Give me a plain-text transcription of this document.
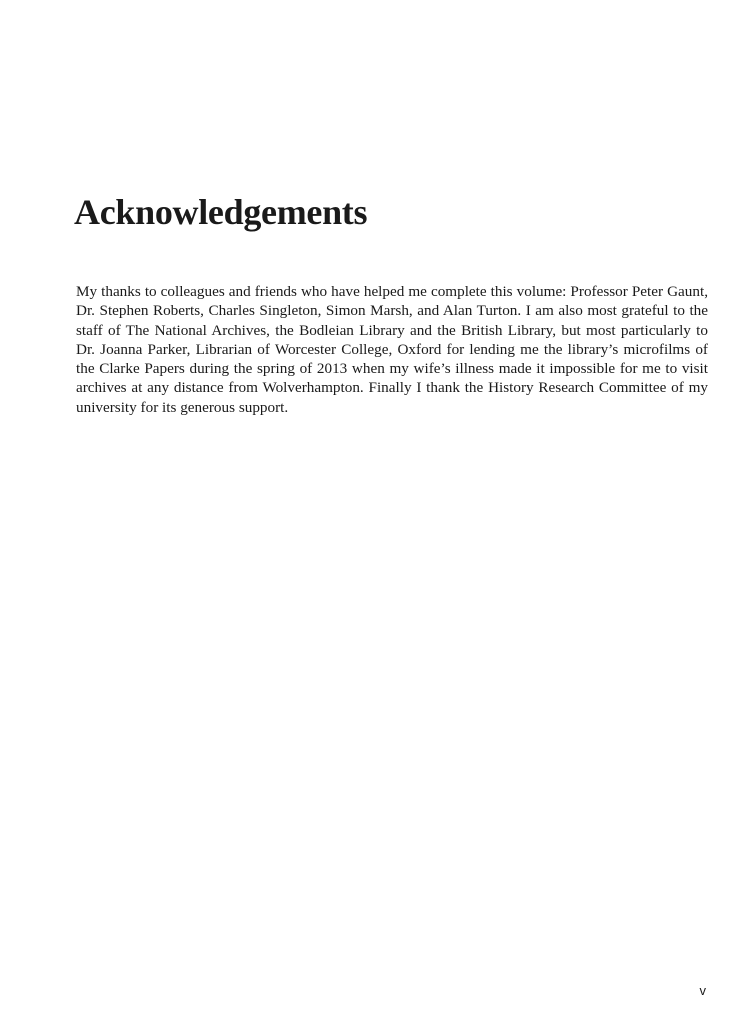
Acknowledgements

My thanks to colleagues and friends who have helped me complete this volume: Professor Peter Gaunt, Dr. Stephen Roberts, Charles Singleton, Simon Marsh, and Alan Turton. I am also most grateful to the staff of The National Archives, the Bodleian Library and the British Library, but most particularly to Dr. Joanna Parker, Librarian of Worcester College, Oxford for lending me the library’s microfilms of the Clarke Papers during the spring of 2013 when my wife’s illness made it impossible for me to visit archives at any distance from Wolverhampton. Finally I thank the History Research Committee of my university for its generous support.

v
